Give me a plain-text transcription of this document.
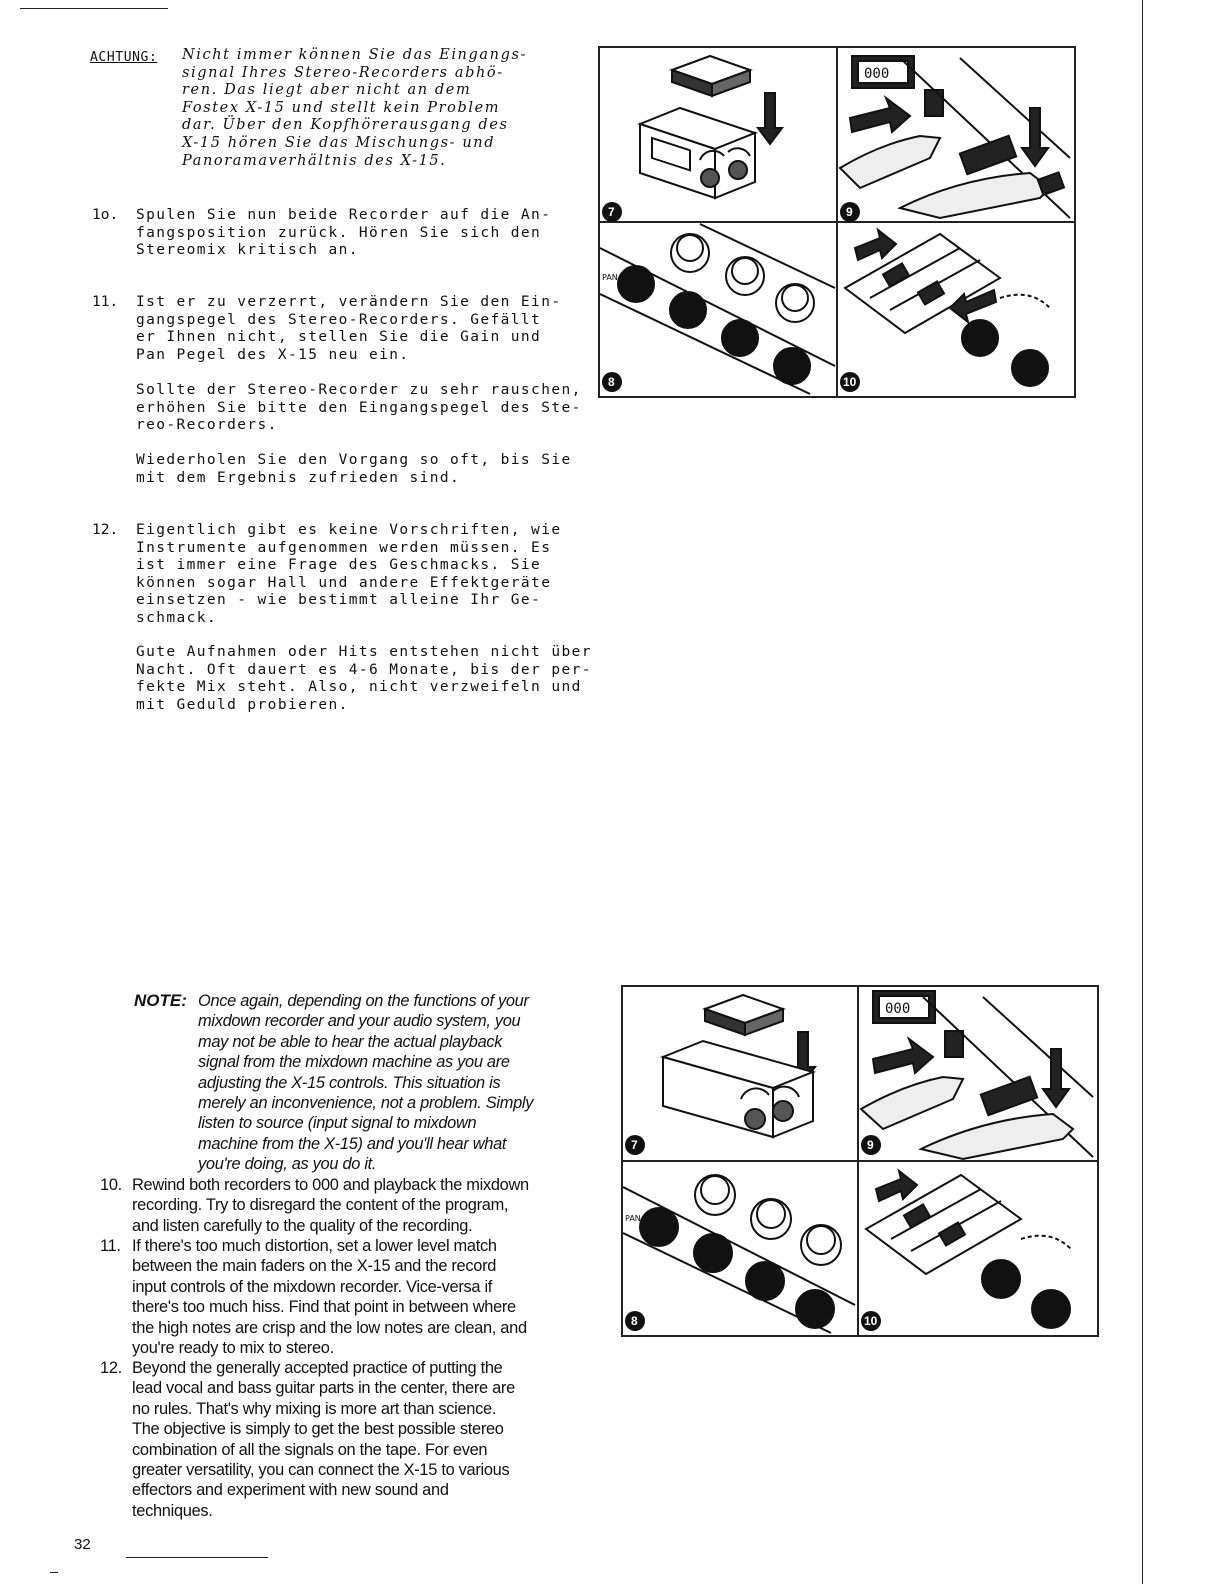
ACHTUNG: Nicht immer können Sie das Eingangs-
signal Ihres Stereo-Recorders abhö-
ren. Das liegt aber nicht an dem
Fostex X-15 und stellt kein Problem
dar. Über den Kopfhörerausgang des
X-15 hören Sie das Mischungs- und
Panoramaverhältnis des X-15.
1o. Spulen Sie nun beide Recorder auf die An-
fangsposition zurück. Hören Sie sich den
Stereomix kritisch an.
11. Ist er zu verzerrt, verändern Sie den Ein-
gangspegel des Stereo-Recorders. Gefällt
er Ihnen nicht, stellen Sie die Gain und
Pan Pegel des X-15 neu ein.
Sollte der Stereo-Recorder zu sehr rauschen,
erhöhen Sie bitte den Eingangspegel des Ste-
reo-Recorders.
Wiederholen Sie den Vorgang so oft, bis Sie
mit dem Ergebnis zufrieden sind.
12. Eigentlich gibt es keine Vorschriften, wie
Instrumente aufgenommen werden müssen. Es
ist immer eine Frage des Geschmacks. Sie
können sogar Hall und andere Effektgeräte
einsetzen - wie bestimmt alleine Ihr Ge-
schmack.
Gute Aufnahmen oder Hits entstehen nicht über
Nacht. Oft dauert es 4-6 Monate, bis der per-
fekte Mix steht. Also, nicht verzweifeln und
mit Geduld probieren.
000
PAN
7
8
9
10
NOTE: Once again, depending on the functions of your
mixdown recorder and your audio system, you
may not be able to hear the actual playback
signal from the mixdown machine as you are
adjusting the X-15 controls. This situation is
merely an inconvenience, not a problem. Simply
listen to source (input signal to mixdown
machine from the X-15) and you'll hear what
you're doing, as you do it.
10. Rewind both recorders to 000 and playback the mixdown
recording. Try to disregard the content of the program,
and listen carefully to the quality of the recording.
11. If there's too much distortion, set a lower level match
between the main faders on the X-15 and the record
input controls of the mixdown recorder. Vice-versa if
there's too much hiss. Find that point in between where
the high notes are crisp and the low notes are clean, and
you're ready to mix to stereo.
12. Beyond the generally accepted practice of putting the
lead vocal and bass guitar parts in the center, there are
no rules. That's why mixing is more art than science.
The objective is simply to get the best possible stereo
combination of all the signals on the tape. For even
greater versatility, you can connect the X-15 to various
effectors and experiment with new sound and
techniques.
000
PAN
7
8
9
10
32
